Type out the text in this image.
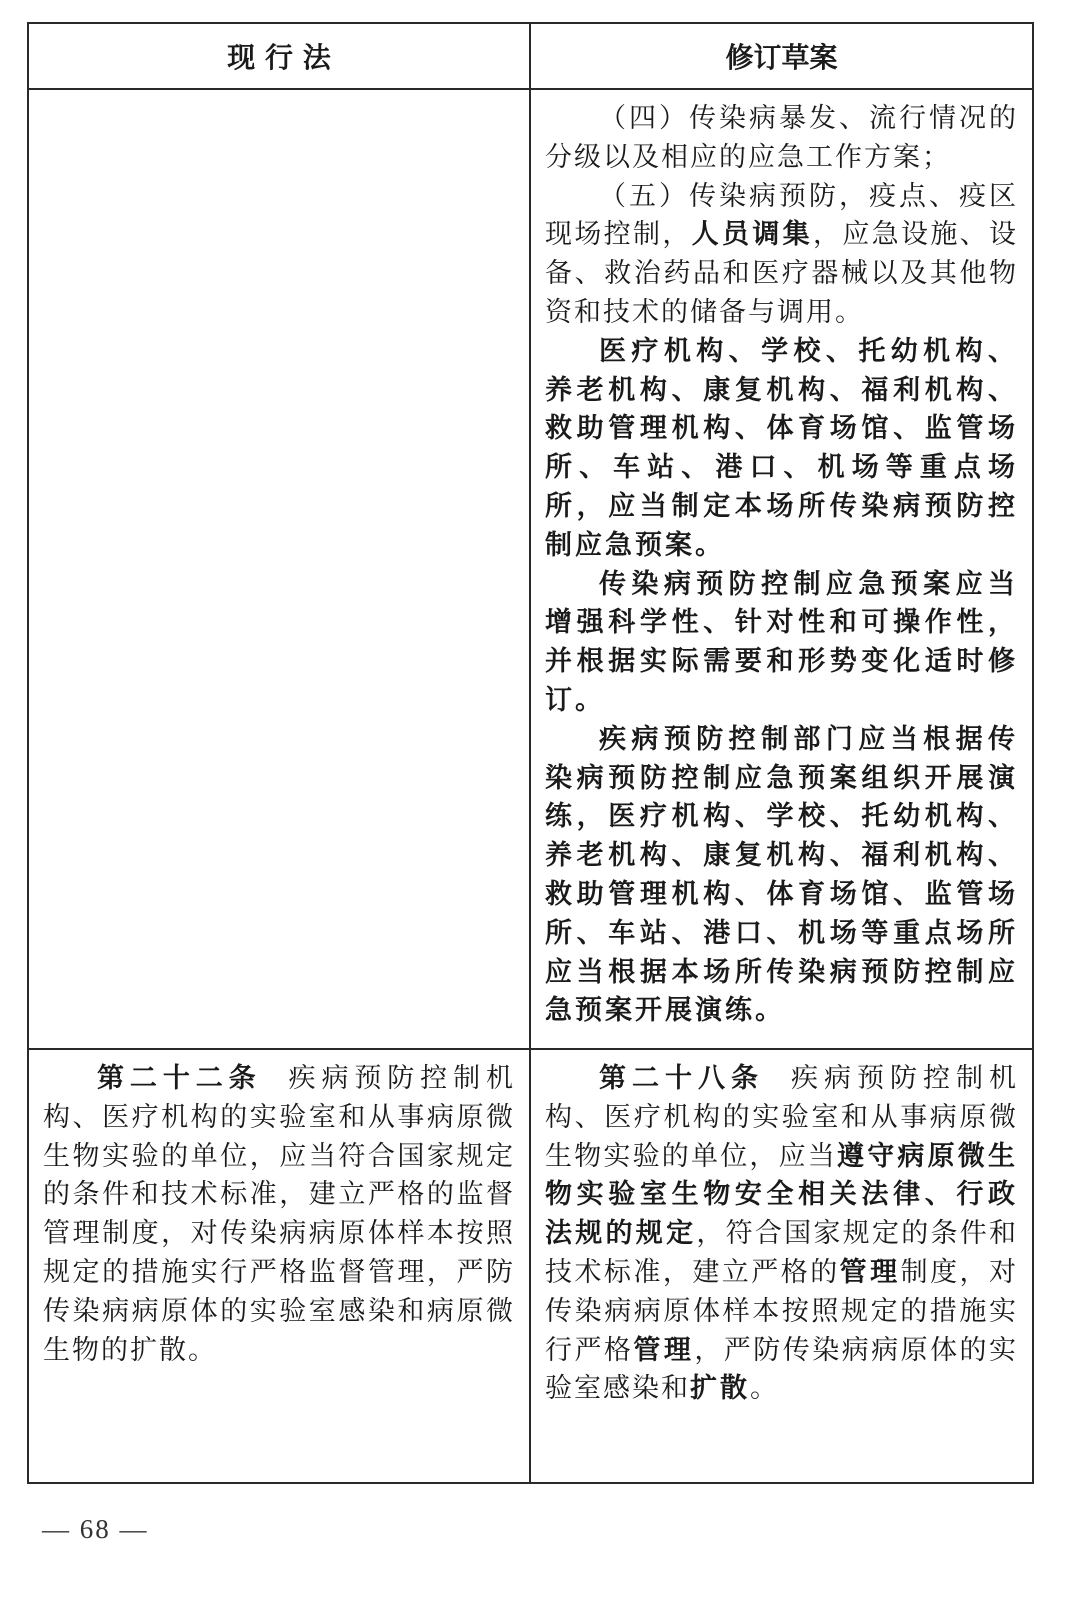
现 行 法	修订草案

	（四）传染病暴发、流行情况的分级以及相应的应急工作方案；

（五）传染病预防，疫点、疫区现场控制，人员调集，应急设施、设备、救治药品和医疗器械以及其他物资和技术的储备与调用。

医疗机构、学校、托幼机构、养老机构、康复机构、福利机构、救助管理机构、体育场馆、监管场所、车站、港口、机场等重点场所，应当制定本场所传染病预防控制应急预案。

传染病预防控制应急预案应当增强科学性、针对性和可操作性，并根据实际需要和形势变化适时修订。

疾病预防控制部门应当根据传染病预防控制应急预案组织开展演练，医疗机构、学校、托幼机构、养老机构、康复机构、福利机构、救助管理机构、体育场馆、监管场所、车站、港口、机场等重点场所应当根据本场所传染病预防控制应急预案开展演练。

第二十二条 疾病预防控制机构、医疗机构的实验室和从事病原微生物实验的单位，应当符合国家规定的条件和技术标准，建立严格的监督管理制度，对传染病病原体样本按照规定的措施实行严格监督管理，严防传染病病原体的实验室感染和病原微生物的扩散。	第二十八条 疾病预防控制机构、医疗机构的实验室和从事病原微生物实验的单位，应当遵守病原微生物实验室生物安全相关法律、行政法规的规定，符合国家规定的条件和技术标准，建立严格的管理制度，对传染病病原体样本按照规定的措施实行严格管理，严防传染病病原体的实验室感染和扩散。

— 68 —
